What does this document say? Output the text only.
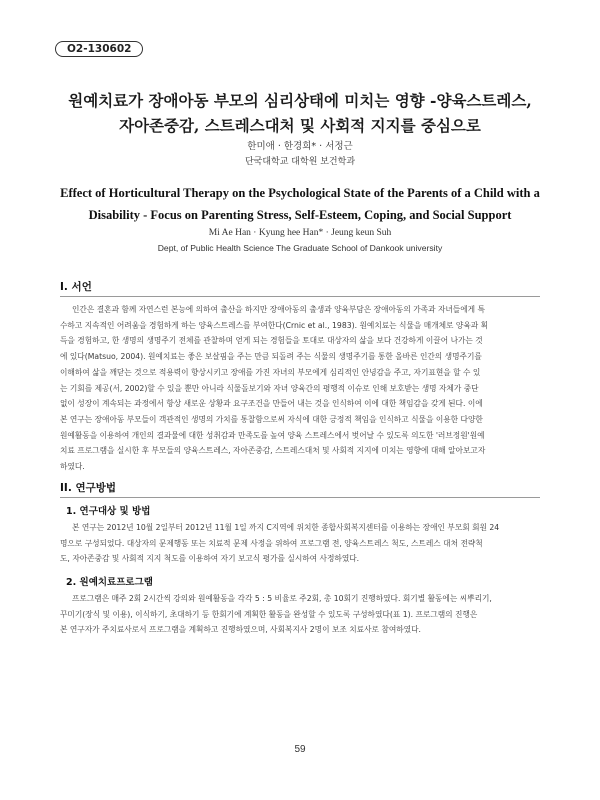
O2-130602
원예치료가 장애아동 부모의 심리상태에 미치는 영향 -양육스트레스,
자아존중감, 스트레스대처 및 사회적 지지를 중심으로
한미애 · 한경희* · 서정근
단국대학교 대학원 보건학과
Effect of Horticultural Therapy on the Psychological State of the Parents of a Child with a
Disability - Focus on Parenting Stress, Self-Esteem, Coping, and Social Support
Mi Ae Han · Kyung hee Han* · Jeung keun Suh
Dept, of Public Health Science The Graduate School of Dankook university
I. 서언
인간은 결혼과 함께 자연스런 본능에 의하여 출산을 하지만 장애아동의 출생과 양육부담은 장애아동의 가족과 자녀들에게 특
수하고 지속적인 어려움을 경험하게 하는 양육스트레스를 부여한다(Crnic et al., 1983). 원예치료는 식물을 매개체로 양육과 획
득을 경험하고, 한 생명의 생명주기 전체를 관찰하며 얻게 되는 경험들을 토대로 대상자의 삶을 보다 건강하게 이끌어 나가는 것
에 있다(Matsuo, 2004). 원예치료는 좋은 보살핌을 주는 만큼 되돌려 주는 식물의 생명주기를 통한 올바른 인간의 생명주기를
이해하여 삶을 깨닫는 것으로 적용력이 향상시키고 장애를 가진 자녀의 부모에게 심리적인 안녕감을 주고, 자기표현을 할 수 있
는 기회를 제공(서, 2002)할 수 있을 뿐만 아니라 식물돌보기와 자녀 양육간의 평행적 이슈로 인해 보호받는 생명 자체가 중단
없이 성장이 계속되는 과정에서 항상 새로운 상황과 요구조건을 만들어 내는 것을 인식하여 이에 대한 책임감을 갖게 된다. 이에
본 연구는 장애아동 부모들이 객관적인 생명의 가치를 통찰함으로써 자식에 대한 긍정적 책임을 인식하고 식물을 이용한 다양한
원예활동을 이용하여 개인의 결과물에 대한 성취감과 만족도를 높여 양육 스트레스에서 벗어날 수 있도록 의도한 '러브정원'원예
치료 프로그램을 실시한 후 부모들의 양육스트레스, 자아존중감, 스트레스대처 및 사회적 지지에 미치는 영향에 대해 알아보고자
하였다.
II. 연구방법
1. 연구대상 및 방법
본 연구는 2012년 10월 2일부터 2012년 11월 1일 까지 C지역에 위치한 종합사회복지센터를 이용하는 장애인 부모회 회원 24
명으로 구성되었다. 대상자의 문제행동 또는 치료적 문제 사정을 위하여 프로그램 전, 양육스트레스 척도, 스트레스 대처 전략척
도, 자아존중감 및 사회적 지지 척도를 이용하여 자기 보고식 평가를 실시하여 사정하였다.
2. 원예치료프로그램
프로그램은 매주 2회 2시간씩 강의와 원예활동을 각각 5 : 5 비율로 주2회, 총 10회기 진행하였다. 회기별 활동에는 씨뿌리기,
꾸미기(장식 및 이용), 이식하기, 초대하기 등 한회기에 계획한 활동을 완성할 수 있도록 구성하였다(표 1). 프로그램의 진행은
본 연구자가 주치료사로서 프로그램을 계획하고 진행하였으며, 사회복지사 2명이 보조 치료사로 참여하였다.
59
